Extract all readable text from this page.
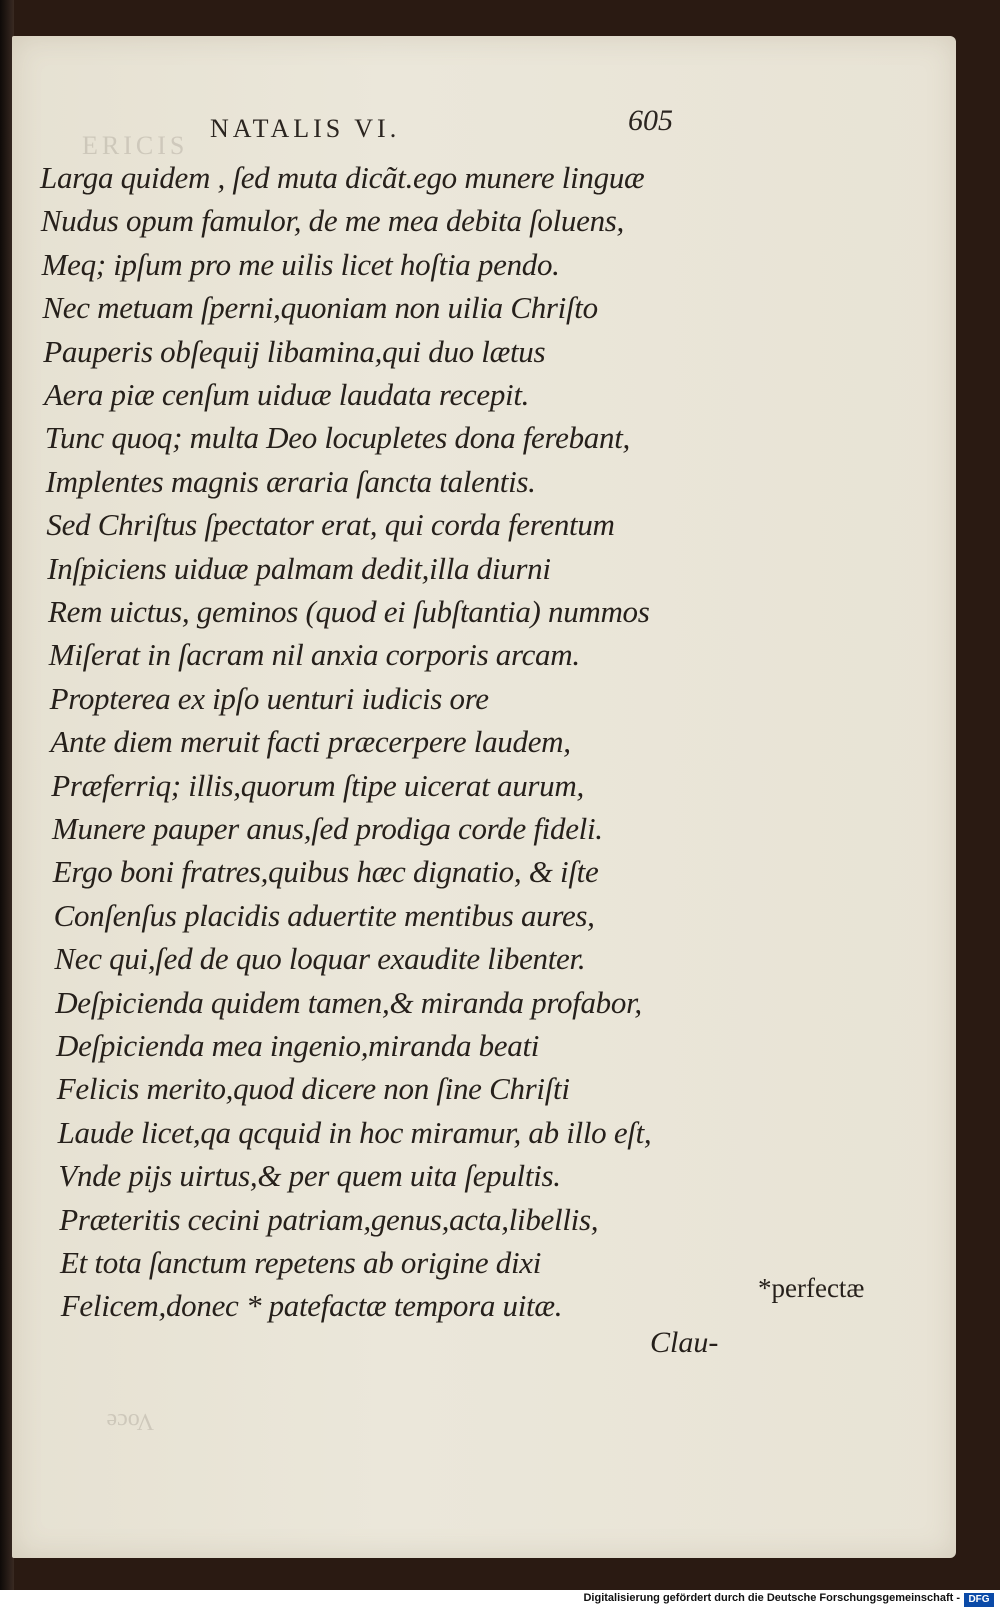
ERICIS
Voce
NATALIS VI.	605
Larga quidem , ſed muta dicãt.ego munere linguæ
Nudus opum famulor, de me mea debita ſoluens,
Meq; ipſum pro me uilis licet hoſtia pendo.
Nec metuam ſperni,quoniam non uilia Chriſto
Pauperis obſequij libamina,qui duo lætus
Aera piæ cenſum uiduæ laudata recepit.
Tunc quoq; multa Deo locupletes dona ferebant,
Implentes magnis æraria ſancta talentis.
Sed Chriſtus ſpectator erat, qui corda ferentum
Inſpiciens uiduæ palmam dedit,illa diurni
Rem uictus, geminos (quod ei ſubſtantia) nummos
Miſerat in ſacram nil anxia corporis arcam.
Propterea ex ipſo uenturi iudicis ore
Ante diem meruit facti præcerpere laudem,
Præferriq; illis,quorum ſtipe uicerat aurum,
Munere pauper anus,ſed prodiga corde fideli.
Ergo boni fratres,quibus hæc dignatio, & iſte
Conſenſus placidis aduertite mentibus aures,
Nec qui,ſed de quo loquar exaudite libenter.
Deſpicienda quidem tamen,& miranda profabor,
Deſpicienda mea ingenio,miranda beati
Felicis merito,quod dicere non ſine Chriſti
Laude licet,qa qcquid in hoc miramur, ab illo eſt,
Vnde pijs uirtus,& per quem uita ſepultis.
Præteritis cecini patriam,genus,acta,libellis,
Et tota ſanctum repetens ab origine dixi
Felicem,donec * patefactæ tempora uitæ.
*perfectæ
Clau-
Digitalisierung gefördert durch die Deutsche Forschungsgemeinschaft - DFG
